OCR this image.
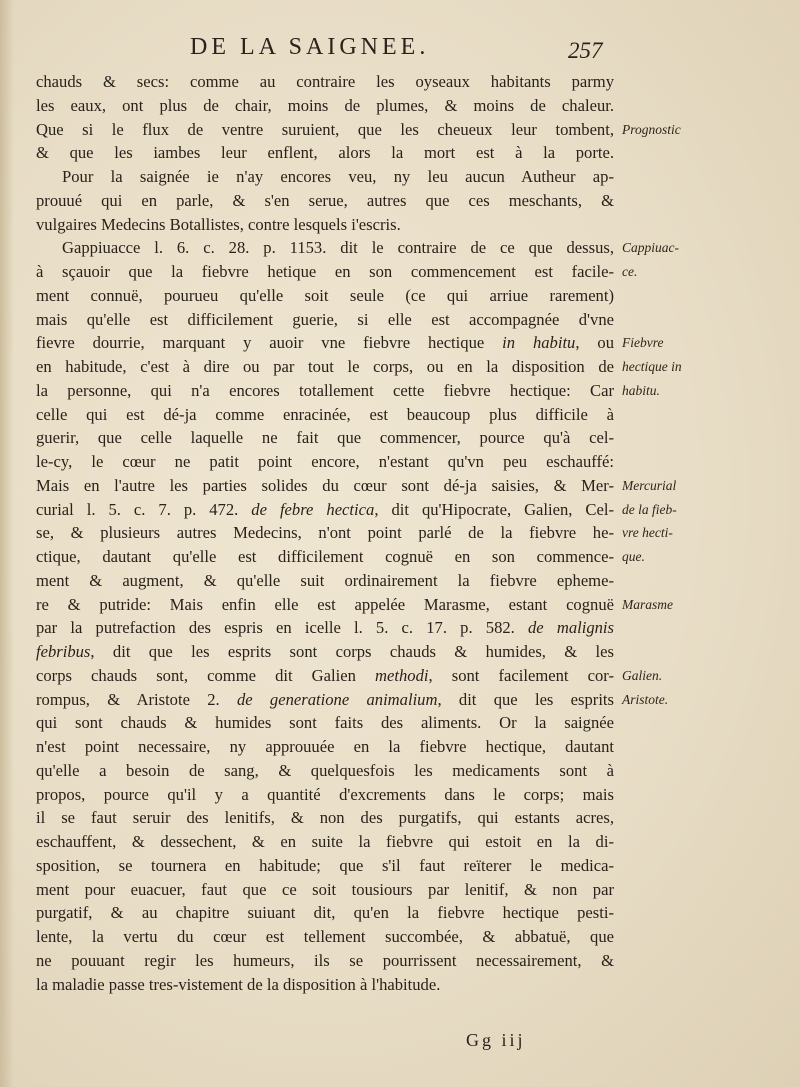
DE LA SAIGNEE.	257
chauds & secs: comme au contraire les oyseaux habitants parmy
les eaux, ont plus de chair, moins de plumes, & moins de chaleur.
Que si le flux de ventre suruient, que les cheueux leur tombent,
& que les iambes leur enflent, alors la mort est à la porte.
Pour la saignée ie n'ay encores veu, ny leu aucun Autheur ap-
prouué qui en parle, & s'en serue, autres que ces meschants, &
vulgaires Medecins Botallistes, contre lesquels i'escris.
Gappiuacce l. 6. c. 28. p. 1153. dit le contraire de ce que dessus,
à sçauoir que la fiebvre hetique en son commencement est facile-
ment connuë, pourueu qu'elle soit seule (ce qui arriue rarement)
mais qu'elle est difficilement guerie, si elle est accompagnée d'vne
fievre dourrie, marquant y auoir vne fiebvre hectique in habitu, ou
en habitude, c'est à dire ou par tout le corps, ou en la disposition de
la personne, qui n'a encores totallement cette fiebvre hectique: Car
celle qui est dé-ja comme enracinée, est beaucoup plus difficile à
guerir, que celle laquelle ne fait que commencer, pource qu'à cel-
le-cy, le cœur ne patit point encore, n'estant qu'vn peu eschauffé:
Mais en l'autre les parties solides du cœur sont dé-ja saisies, & Mer-
curial l. 5. c. 7. p. 472. de febre hectica, dit qu'Hipocrate, Galien, Cel-
se, & plusieurs autres Medecins, n'ont point parlé de la fiebvre he-
ctique, dautant qu'elle est difficilement cognuë en son commence-
ment & augment, & qu'elle suit ordinairement la fiebvre epheme-
re & putride: Mais enfin elle est appelée Marasme, estant cognuë
par la putrefaction des espris en icelle l. 5. c. 17. p. 582. de malignis
febribus, dit que les esprits sont corps chauds & humides, & les
corps chauds sont, comme dit Galien methodi, sont facilement cor-
rompus, & Aristote 2. de generatione animalium, dit que les esprits
qui sont chauds & humides sont faits des aliments. Or la saignée
n'est point necessaire, ny approuuée en la fiebvre hectique, dautant
qu'elle a besoin de sang, & quelquesfois les medicaments sont à
propos, pource qu'il y a quantité d'excrements dans le corps; mais
il se faut seruir des lenitifs, & non des purgatifs, qui estants acres,
eschauffent, & dessechent, & en suite la fiebvre qui estoit en la di-
sposition, se tournera en habitude; que s'il faut reïterer le medica-
ment pour euacuer, faut que ce soit tousiours par lenitif, & non par
purgatif, & au chapitre suiuant dit, qu'en la fiebvre hectique pesti-
lente, la vertu du cœur est tellement succombée, & abbatuë, que
ne pouuant regir les humeurs, ils se pourrissent necessairement, &
la maladie passe tres-vistement de la disposition à l'habitude.
Prognostic
Cappiuac-
ce.
Fiebvre
hectique in
habitu.
Mercurial
de la fieb-
vre hecti-
que.
Marasme
Galien.
Aristote.
Gg iij
